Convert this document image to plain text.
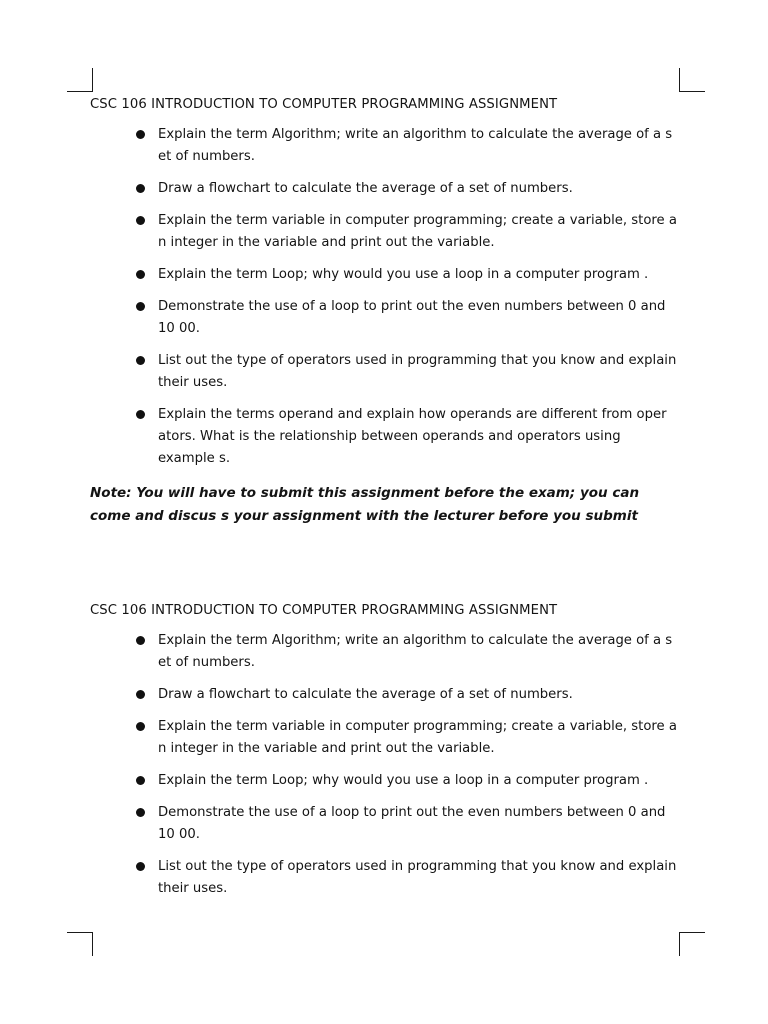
CSC 106 INTRODUCTION TO COMPUTER PROGRAMMING ASSIGNMENT
Explain the term Algorithm; write an algorithm to calculate the average of a s et of numbers.
Draw a flowchart to calculate the average of a set of numbers.
Explain the term variable in computer programming; create a variable, store a n integer in the variable and print out the variable.
Explain the term Loop; why would you use a loop in a computer program .
Demonstrate the use of a loop to print out the even numbers between 0 and 10 00.
List out the type of operators used in programming that you know and explain their uses.
Explain the terms operand and explain how operands are different from oper ators. What is the relationship between operands and operators using example s.
Note: You will have to submit this assignment before the exam; you can come and discus s your assignment with the lecturer before you submit
CSC 106 INTRODUCTION TO COMPUTER PROGRAMMING ASSIGNMENT
Explain the term Algorithm; write an algorithm to calculate the average of a s et of numbers.
Draw a flowchart to calculate the average of a set of numbers.
Explain the term variable in computer programming; create a variable, store a n integer in the variable and print out the variable.
Explain the term Loop; why would you use a loop in a computer program .
Demonstrate the use of a loop to print out the even numbers between 0 and 10 00.
List out the type of operators used in programming that you know and explain their uses.
